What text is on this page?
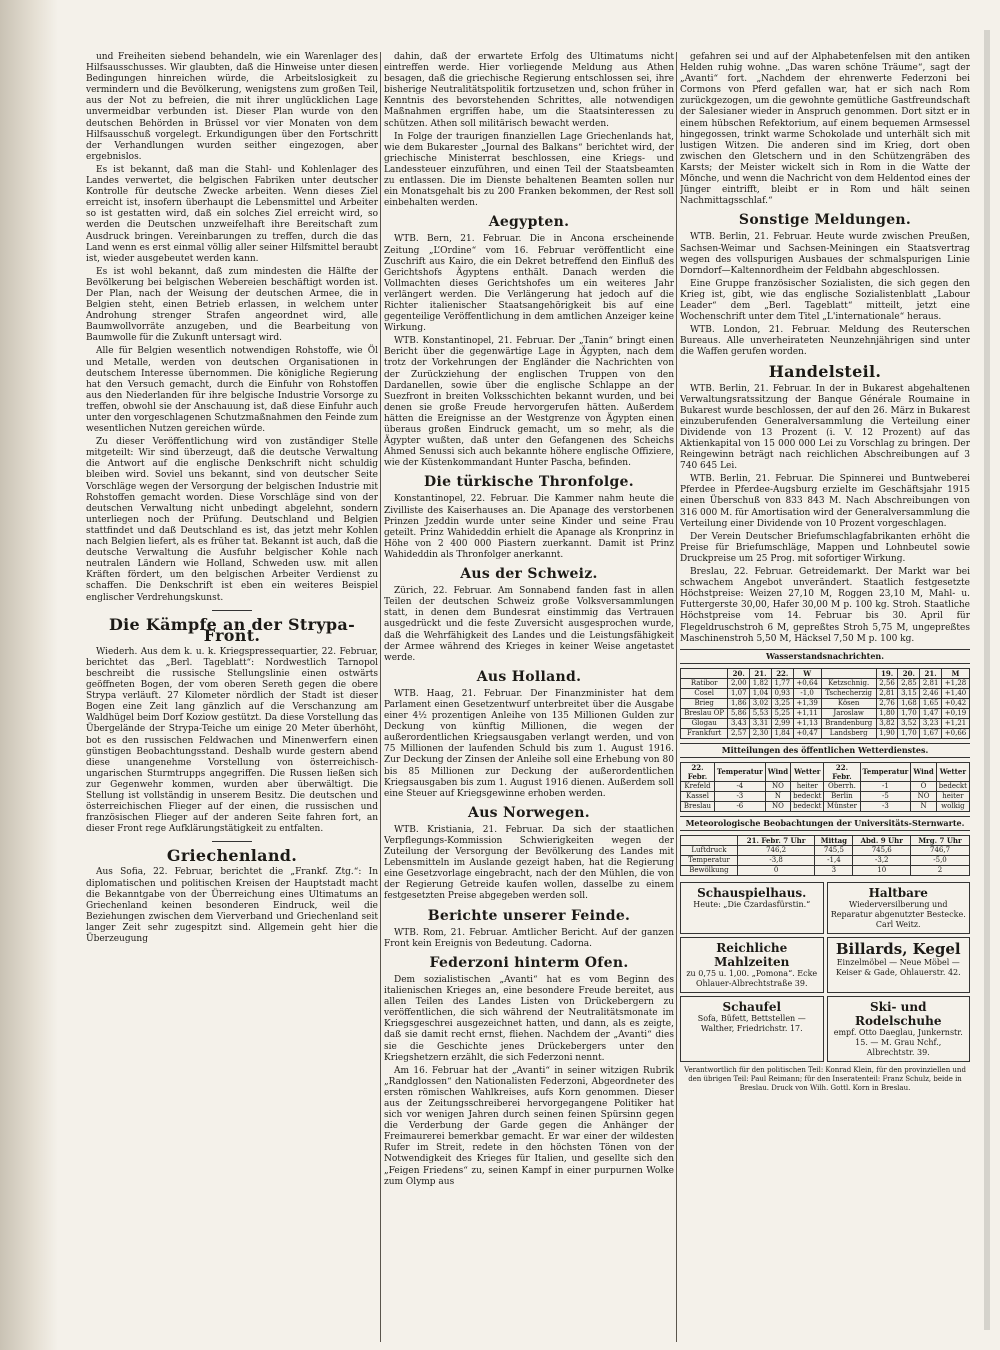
und Freiheiten siebend behandeln, wie ein Warenlager des Hilfsausschusses. Wir glaubten, daß die Hinweise unter diesen Bedingungen hinreichen würde, die Arbeitslosigkeit zu vermindern und die Bevölkerung, wenigstens zum großen Teil, aus der Not zu befreien, die mit ihrer unglücklichen Lage unvermeidbar verbunden ist. Dieser Plan wurde von den deutschen Behörden in Brüssel vor vier Monaten von dem Hilfsausschuß vorgelegt. Erkundigungen über den Fortschritt der Verhandlungen wurden seither eingezogen, aber ergebnislos.

Es ist bekannt, daß man die Stahl- und Kohlenlager des Landes verwertet, die belgischen Fabriken unter deutscher Kontrolle für deutsche Zwecke arbeiten. Wenn dieses Ziel erreicht ist, insofern überhaupt die Lebensmittel und Arbeiter so ist gestatten wird, daß ein solches Ziel erreicht wird, so werden die Deutschen unzweifelhaft ihre Bereitschaft zum Ausdruck bringen. Vereinbarungen zu treffen, durch die das Land wenn es erst einmal völlig aller seiner Hilfsmittel beraubt ist, wieder ausgebeutet werden kann.

Es ist wohl bekannt, daß zum mindesten die Hälfte der Bevölkerung bei belgischen Webereien beschäftigt worden ist. Der Plan, nach der Weisung der deutschen Armee, die in Belgien steht, einen Betrieb erlassen, in welchem unter Androhung strenger Strafen angeordnet wird, alle Baumwollvorräte anzugeben, und die Bearbeitung von Baumwolle für die Zukunft untersagt wird.

Alle für Belgien wesentlich notwendigen Rohstoffe, wie Öl und Metalle, werden von deutschen Organisationen in deutschem Interesse übernommen. Die königliche Regierung hat den Versuch gemacht, durch die Einfuhr von Rohstoffen aus den Niederlanden für ihre belgische Industrie Vorsorge zu treffen, obwohl sie der Anschauung ist, daß diese Einfuhr auch unter den vorgeschlagenen Schutzmaßnahmen den Feinde zum wesentlichen Nutzen gereichen würde.

Zu dieser Veröffentlichung wird von zuständiger Stelle mitgeteilt: Wir sind überzeugt, daß die deutsche Verwaltung die Antwort auf die englische Denkschrift nicht schuldig bleiben wird. Soviel uns bekannt, sind von deutscher Seite Vorschläge wegen der Versorgung der belgischen Industrie mit Rohstoffen gemacht worden. Diese Vorschläge sind von der deutschen Verwaltung nicht unbedingt abgelehnt, sondern unterliegen noch der Prüfung. Deutschland und Belgien stattfindet und daß Deutschland es ist, das jetzt mehr Kohlen nach Belgien liefert, als es früher tat. Bekannt ist auch, daß die deutsche Verwaltung die Ausfuhr belgischer Kohle nach neutralen Ländern wie Holland, Schweden usw. mit allen Kräften fördert, um den belgischen Arbeiter Verdienst zu schaffen. Die Denkschrift ist eben ein weiteres Beispiel englischer Verdrehungskunst.

Die Kämpfe an der Strypa-Front.

Wiederh. Aus dem k. u. k. Kriegspressequartier, 22. Februar, berichtet das „Berl. Tageblatt“: Nordwestlich Tarnopol beschreibt die russische Stellungslinie einen ostwärts geöffneten Bogen, der vom oberen Sereth gegen die obere Strypa verläuft. 27 Kilometer nördlich der Stadt ist dieser Bogen eine Zeit lang gänzlich auf die Verschanzung am Waldhügel beim Dorf Koziow gestützt. Da diese Vorstellung das Übergelände der Strypa-Teiche um einige 20 Meter überhöht, bot es den russischen Feldwachen und Minenwerfern einen günstigen Beobachtungsstand. Deshalb wurde gestern abend diese unangenehme Vorstellung von österreichisch-ungarischen Sturmtrupps angegriffen. Die Russen ließen sich zur Gegenwehr kommen, wurden aber überwältigt. Die Stellung ist vollständig in unserem Besitz. Die deutschen und österreichischen Flieger auf der einen, die russischen und französischen Flieger auf der anderen Seite fahren fort, an dieser Front rege Aufklärungstätigkeit zu entfalten.

Griechenland.

Aus Sofia, 22. Februar, berichtet die „Frankf. Ztg.“: In diplomatischen und politischen Kreisen der Hauptstadt macht die Bekanntgabe von der Überreichung eines Ultimatums an Griechenland keinen besonderen Eindruck, weil die Beziehungen zwischen dem Vierverband und Griechenland seit langer Zeit sehr zugespitzt sind. Allgemein geht hier die Überzeugung

dahin, daß der erwartete Erfolg des Ultimatums nicht eintreffen werde. Hier vorliegende Meldung aus Athen besagen, daß die griechische Regierung entschlossen sei, ihre bisherige Neutralitätspolitik fortzusetzen und, schon früher in Kenntnis des bevorstehenden Schrittes, alle notwendigen Maßnahmen ergriffen habe, um die Staatsinteressen zu schützen. Athen soll militärisch bewacht werden.

In Folge der traurigen finanziellen Lage Griechenlands hat, wie dem Bukarester „Journal des Balkans“ berichtet wird, der griechische Ministerrat beschlossen, eine Kriegs- und Landessteuer einzuführen, und einen Teil der Staatsbeamten zu entlassen. Die im Dienste behaltenen Beamten sollen nur ein Monatsgehalt bis zu 200 Franken bekommen, der Rest soll einbehalten werden.

Aegypten.

WTB. Bern, 21. Februar. Die in Ancona erscheinende Zeitung „L’Ordine“ vom 16. Februar veröffentlicht eine Zuschrift aus Kairo, die ein Dekret betreffend den Einfluß des Gerichtshofs Ägyptens enthält. Danach werden die Vollmachten dieses Gerichtshofes um ein weiteres Jahr verlängert werden. Die Verlängerung hat jedoch auf die Richter italienischer Staatsangehörigkeit bis auf eine gegenteilige Veröffentlichung in dem amtlichen Anzeiger keine Wirkung.

WTB. Konstantinopel, 21. Februar. Der „Tanin“ bringt einen Bericht über die gegenwärtige Lage in Ägypten, nach dem trotz der Vorkehrungen der Engländer die Nachrichten von der Zurückziehung der englischen Truppen von den Dardanellen, sowie über die englische Schlappe an der Suezfront in breiten Volksschichten bekannt wurden, und bei denen sie große Freude hervorgerufen hätten. Außerdem hätten die Ereignisse an der Westgrenze von Ägypten einen überaus großen Eindruck gemacht, um so mehr, als die Ägypter wußten, daß unter den Gefangenen des Scheichs Ahmed Senussi sich auch bekannte höhere englische Offiziere, wie der Küstenkommandant Hunter Pascha, befinden.

Die türkische Thronfolge.

Konstantinopel, 22. Februar. Die Kammer nahm heute die Zivilliste des Kaiserhauses an. Die Apanage des verstorbenen Prinzen Jzeddin wurde unter seine Kinder und seine Frau geteilt. Prinz Wahideddin erhielt die Apanage als Kronprinz in Höhe von 2 400 000 Piastern zuerkannt. Damit ist Prinz Wahideddin als Thronfolger anerkannt.

Aus der Schweiz.

Zürich, 22. Februar. Am Sonnabend fanden fast in allen Teilen der deutschen Schweiz große Volksversammlungen statt, in denen dem Bundesrat einstimmig das Vertrauen ausgedrückt und die feste Zuversicht ausgesprochen wurde, daß die Wehrfähigkeit des Landes und die Leistungsfähigkeit der Armee während des Krieges in keiner Weise angetastet werde.

Aus Holland.

WTB. Haag, 21. Februar. Der Finanzminister hat dem Parlament einen Gesetzentwurf unterbreitet über die Ausgabe einer 4½ prozentigen Anleihe von 135 Millionen Gulden zur Deckung von künftig Millionen, die wegen der außerordentlichen Kriegsausgaben verlangt werden, und von 75 Millionen der laufenden Schuld bis zum 1. August 1916. Zur Deckung der Zinsen der Anleihe soll eine Erhebung von 80 bis 85 Millionen zur Deckung der außerordentlichen Kriegsausgaben bis zum 1. August 1916 dienen. Außerdem soll eine Steuer auf Kriegsgewinne erhoben werden.

Aus Norwegen.

WTB. Kristiania, 21. Februar. Da sich der staatlichen Verpflegungs-Kommission Schwierigkeiten wegen der Zuteilung der Versorgung der Bevölkerung des Landes mit Lebensmitteln im Auslande gezeigt haben, hat die Regierung eine Gesetzvorlage eingebracht, nach der den Mühlen, die von der Regierung Getreide kaufen wollen, dasselbe zu einem festgesetzten Preise abgegeben werden soll.

Berichte unserer Feinde.

WTB. Rom, 21. Februar. Amtlicher Bericht. Auf der ganzen Front kein Ereignis von Bedeutung. Cadorna.

Federzoni hinterm Ofen.

Dem sozialistischen „Avanti“ hat es vom Beginn des italienischen Krieges an, eine besondere Freude bereitet, aus allen Teilen des Landes Listen von Drückebergern zu veröffentlichen, die sich während der Neutralitätsmonate im Kriegsgeschrei ausgezeichnet hatten, und dann, als es zeigte, daß sie damit recht ernst, fliehen. Nachdem der „Avanti“ dies sie die Geschichte jenes Drückebergers unter den Kriegshetzern erzählt, die sich Federzoni nennt.

Am 16. Februar hat der „Avanti“ in seiner witzigen Rubrik „Randglossen“ den Nationalisten Federzoni, Abgeordneter des ersten römischen Wahlkreises, aufs Korn genommen. Dieser aus der Zeitungsschreiberei hervorgegangene Politiker hat sich vor wenigen Jahren durch seinen feinen Spürsinn gegen die Verderbung der Garde gegen die Anhänger der Freimaurerei bemerkbar gemacht. Er war einer der wildesten Rufer im Streit, redete in den höchsten Tönen von der Notwendigkeit des Krieges für Italien, und gesellte sich den „Feigen Friedens“ zu, seinen Kampf in einer purpurnen Wolke zum Olymp aus

gefahren sei und auf der Alphabetenfelsen mit den antiken Helden ruhig wohne. „Das waren schöne Träume“, sagt der „Avanti“ fort. „Nachdem der ehrenwerte Federzoni bei Cormons von Pferd gefallen war, hat er sich nach Rom zurückgezogen, um die gewohnte gemütliche Gastfreundschaft der Salesianer wieder in Anspruch genommen. Dort sitzt er in einem hübschen Refektorium, auf einem bequemen Armsessel hingegossen, trinkt warme Schokolade und unterhält sich mit lustigen Witzen. Die anderen sind im Krieg, dort oben zwischen den Gletschern und in den Schützengräben des Karsts; der Meister wickelt sich in Rom in die Watte der Mönche, und wenn die Nachricht von dem Heldentod eines der Jünger eintrifft, bleibt er in Rom und hält seinen Nachmittagsschlaf.“

Sonstige Meldungen.

WTB. Berlin, 21. Februar. Heute wurde zwischen Preußen, Sachsen-Weimar und Sachsen-Meiningen ein Staatsvertrag wegen des vollspurigen Ausbaues der schmalspurigen Linie Dorndorf—Kaltennordheim der Feldbahn abgeschlossen.

Eine Gruppe französischer Sozialisten, die sich gegen den Krieg ist, gibt, wie das englische Sozialistenblatt „Labour Leader“ dem „Berl. Tageblatt“ mitteilt, jetzt eine Wochenschrift unter dem Titel „L'internationale“ heraus.

WTB. London, 21. Februar. Meldung des Reuterschen Bureaus. Alle unverheirateten Neunzehnjährigen sind unter die Waffen gerufen worden.

Handelsteil.

WTB. Berlin, 21. Februar. In der in Bukarest abgehaltenen Verwaltungsratssitzung der Banque Générale Roumaine in Bukarest wurde beschlossen, der auf den 26. März in Bukarest einzuberufenden Generalversammlung die Verteilung einer Dividende von 13 Prozent (i. V. 12 Prozent) auf das Aktienkapital von 15 000 000 Lei zu Vorschlag zu bringen. Der Reingewinn beträgt nach reichlichen Abschreibungen auf 3 740 645 Lei.

WTB. Berlin, 21. Februar. Die Spinnerei und Buntweberei Pferdee in Pferdee-Augsburg erzielte im Geschäftsjahr 1915 einen Überschuß von 833 843 M. Nach Abschreibungen von 316 000 M. für Amortisation wird der Generalversammlung die Verteilung einer Dividende von 10 Prozent vorgeschlagen.

Der Verein Deutscher Briefumschlagfabrikanten erhöht die Preise für Briefumschläge, Mappen und Lohnbeutel sowie Druckpreise um 25 Prog. mit sofortiger Wirkung.

Breslau, 22. Februar. Getreidemarkt. Der Markt war bei schwachem Angebot unverändert. Staatlich festgesetzte Höchstpreise: Weizen 27,10 M, Roggen 23,10 M, Mahl- u. Futtergerste 30,00, Hafer 30,00 M p. 100 kg. Stroh. Staatliche Höchstpreise vom 14. Februar bis 30. April für Flegeldruschstroh 6 M, gepreßtes Stroh 5,75 M, ungepreßtes Maschinenstroh 5,50 M, Häcksel 7,50 M p. 100 kg.

Wasserstandsnachrichten.
	20.	21.	22.	W		19.	20.	21.	M
Ratibor	2,00	1,82	1,77	+0,64	Ketzschnig.	2,56	2,85	2,81	+1,28
Cosel	1,07	1,04	0,93	-1,0	Tschecherzig	2,81	3,15	2,46	+1,40
Brieg	1,86	3,02	3,25	+1,39	Kösen	2,76	1,68	1,65	+0,42
Breslau OP	5,86	5,53	5,25	+1,11	Jaroslaw	1,80	1,70	1,47	+0,19
Glogau	3,43	3,31	2,99	+1,13	Brandenburg	3,82	3,52	3,23	+1,21
Frankfurt	2,57	2,30	1,84	+0,47	Landsberg	1,90	1,70	1,67	+0,66
Mitteilungen des öffentlichen Wetterdienstes.
22. Febr.	Temperatur	Wind	Wetter	22. Febr.	Temperatur	Wind	Wetter
Krefeld	-4	NO	heiter	Oberrh.	-1	O	bedeckt
Kassel	-3	N	bedeckt	Berlin	-5	NO	heiter
Breslau	-6	NO	bedeckt	Münster	-3	N	wolkig
Meteorologische Beobachtungen der Universitäts-Sternwarte.
	21. Febr. 7 Uhr	Mittag	Abd. 9 Uhr	Mrg. 7 Uhr
Luftdruck	746,2	745,5	745,6	746,7
Temperatur	-3,8	-1,4	-3,2	-5,0
Bewölkung	0	3	10	2
Schauspielhaus.
Heute: „Die Czardasfürstin.“
Haltbare
Wiederversilberung und Reparatur abgenutzter Bestecke. Carl Weitz.
Reichliche Mahlzeiten
zu 0,75 u. 1,00. „Pomona“. Ecke Ohlauer-Albrechtstraße 39.
Billards, Kegel
Einzelmöbel — Neue Möbel — Keiser & Gade, Ohlauerstr. 42.
Schaufel
Sofa, Büfett, Bettstellen — Walther, Friedrichstr. 17.
Ski- und Rodelschuhe
empf. Otto Daeglau, Junkernstr. 15. — M. Grau Nchf., Albrechtstr. 39.
Verantwortlich für den politischen Teil: Konrad Klein, für den provinziellen und den übrigen Teil: Paul Reimann; für den Inseratenteil: Franz Schulz, beide in Breslau. Druck von Wilh. Gottl. Korn in Breslau.
